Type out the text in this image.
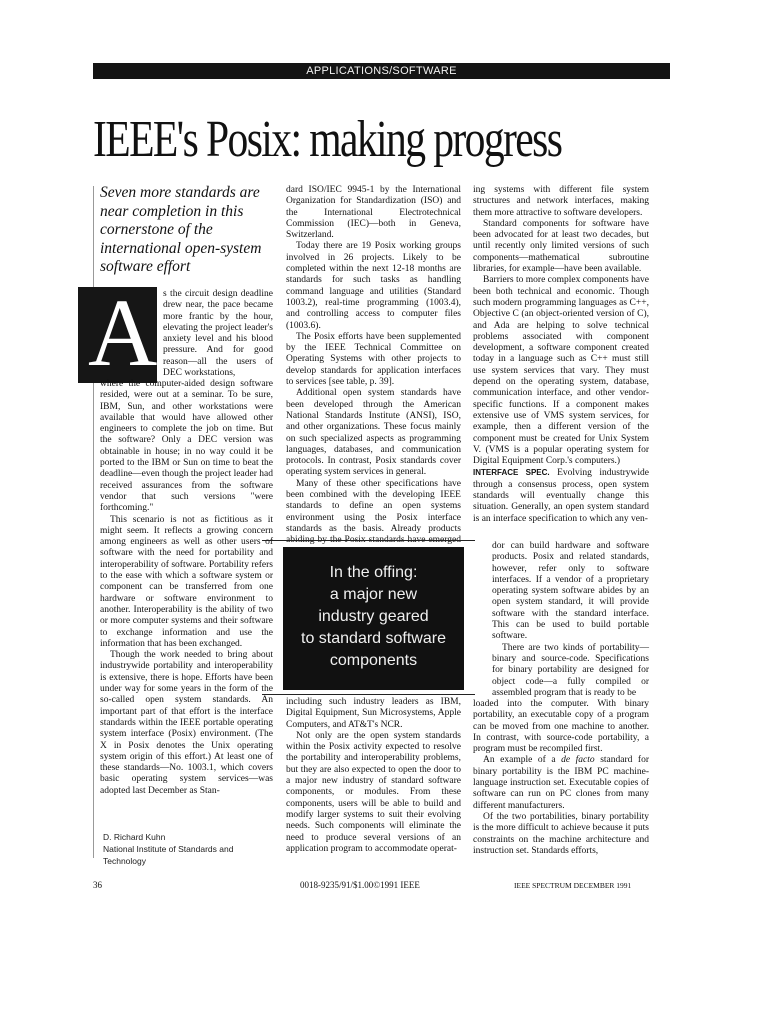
APPLICATIONS/SOFTWARE
IEEE's Posix: making progress
Seven more standards are near completion in this cornerstone of the international open-system software effort
A s the circuit design deadline drew near, the pace became more frantic by the hour, elevating the project leader's anxiety level and his blood pressure. And for good reason—all the users of DEC workstations,

where the computer-aided design software resided, were out at a seminar. To be sure, IBM, Sun, and other workstations were available that would have allowed other engineers to complete the job on time. But the software? Only a DEC version was obtainable in house; in no way could it be ported to the IBM or Sun on time to beat the deadline—even though the project leader had received assurances from the software vendor that such versions "were forthcoming."

This scenario is not as fictitious as it might seem. It reflects a growing concern among engineers as well as other users of software with the need for portability and interoperability of software. Portability refers to the ease with which a software system or component can be transferred from one hardware or software environment to another. Interoperability is the ability of two or more computer systems and their software to exchange information and use the information that has been exchanged.

Though the work needed to bring about industrywide portability and interoperability is extensive, there is hope. Efforts have been under way for some years in the form of the so-called open system standards. An important part of that effort is the interface standards within the IEEE portable operating system interface (Posix) environment. (The X in Posix denotes the Unix operating system origin of this effort.) At least one of these standards—No. 1003.1, which covers basic operating system services—was adopted last December as Stan-

D. Richard Kuhn
National Institute of Standards and Technology

dard ISO/IEC 9945-1 by the International Organization for Standardization (ISO) and the International Electrotechnical Commission (IEC)—both in Geneva, Switzerland.

Today there are 19 Posix working groups involved in 26 projects. Likely to be completed within the next 12-18 months are standards for such tasks as handling command language and utilities (Standard 1003.2), real-time programming (1003.4), and controlling access to computer files (1003.6).

The Posix efforts have been supplemented by the IEEE Technical Committee on Operating Systems with other projects to develop standards for application interfaces to services [see table, p. 39].

Additional open system standards have been developed through the American National Standards Institute (ANSI), ISO, and other organizations. These focus mainly on such specialized aspects as programming languages, databases, and communication protocols. In contrast, Posix standards cover operating system services in general.

Many of these other specifications have been combined with the developing IEEE standards to define an open systems environment using the Posix interface standards as the basis. Already products abiding by the Posix standards have emerged

In the offing:
a major new
industry geared
to standard software
components

including such industry leaders as IBM, Digital Equipment, Sun Microsystems, Apple Computers, and AT&T's NCR.

Not only are the open system standards within the Posix activity expected to resolve the portability and interoperability problems, but they are also expected to open the door to a major new industry of standard software components, or modules. From these components, users will be able to build and modify larger systems to suit their evolving needs. Such components will eliminate the need to produce several versions of an application program to accommodate operat-

ing systems with different file system structures and network interfaces, making them more attractive to software developers.

Standard components for software have been advocated for at least two decades, but until recently only limited versions of such components—mathematical subroutine libraries, for example—have been available.

Barriers to more complex components have been both technical and economic. Though such modern programming languages as C++, Objective C (an object-oriented version of C), and Ada are helping to solve technical problems associated with component development, a software component created today in a language such as C++ must still use system services that vary. They must depend on the operating system, database, communication interface, and other vendor-specific functions. If a component makes extensive use of VMS system services, for example, then a different version of the component must be created for Unix System V. (VMS is a popular operating system for Digital Equipment Corp.'s computers.)

INTERFACE SPEC. Evolving industrywide through a consensus process, open system standards will eventually change this situation. Generally, an open system standard is an interface specification to which any ven-

dor can build hardware and software products. Posix and related standards, however, refer only to software interfaces. If a vendor of a proprietary operating system software abides by an open system standard, it will provide software with the standard interface. This can be used to build portable software.

There are two kinds of portability—binary and source-code. Specifications for binary portability are designed for object code—a fully compiled or assembled program that is ready to be

loaded into the computer. With binary portability, an executable copy of a program can be moved from one machine to another. In contrast, with source-code portability, a program must be recompiled first.

An example of a de facto standard for binary portability is the IBM PC machine-language instruction set. Executable copies of software can run on PC clones from many different manufacturers.

Of the two portabilities, binary portability is the more difficult to achieve because it puts constraints on the machine architecture and instruction set. Standards efforts,

36	0018-9235/91/$1.00©1991 IEEE	IEEE SPECTRUM DECEMBER 1991
